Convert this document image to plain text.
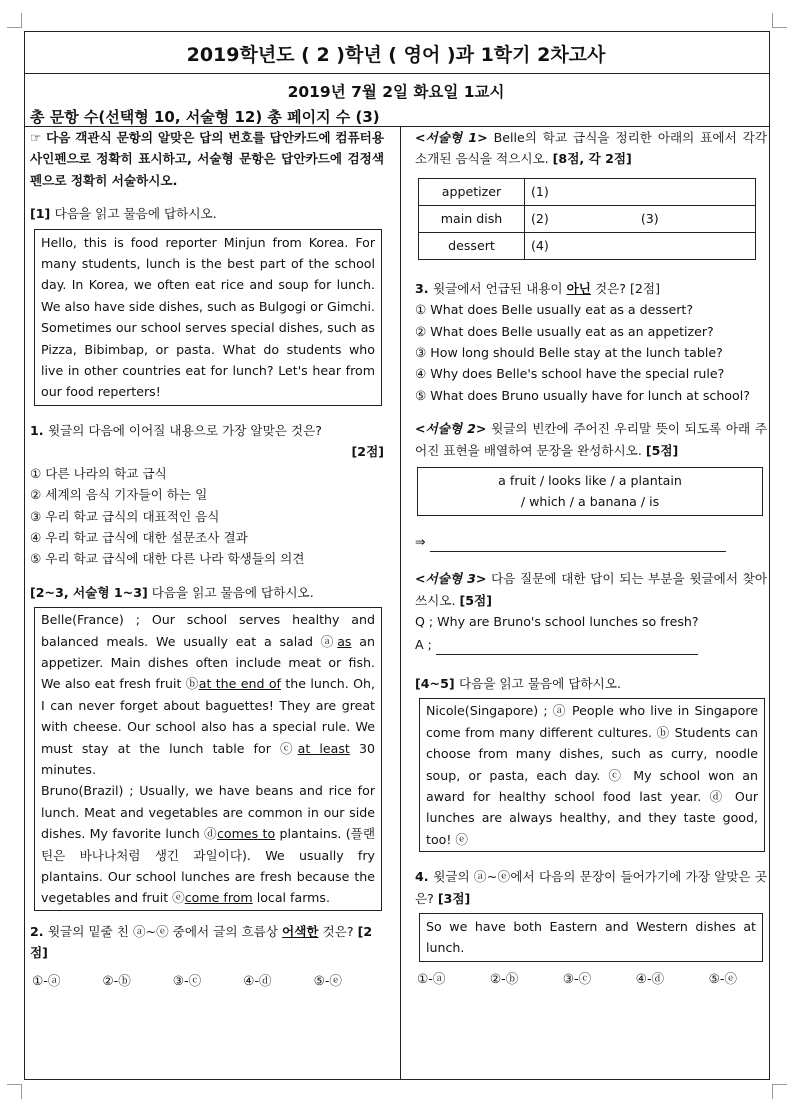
2019학년도 ( 2 )학년 ( 영어 )과 1학기 2차고사
2019년 7월 2일 화요일 1교시
총 문항 수(선택형 10, 서술형 12) 총 페이지 수 (3)
☞ 다음 객관식 문항의 알맞은 답의 번호를 답안카드에 컴퓨터용 사인펜으로 정확히 표시하고, 서술형 문항은 답안카드에 검정색 펜으로 정확히 서술하시오.
[1] 다음을 읽고 물음에 답하시오.
Hello, this is food reporter Minjun from Korea. For many students, lunch is the best part of the school day. In Korea, we often eat rice and soup for lunch. We also have side dishes, such as Bulgogi or Gimchi. Sometimes our school serves special dishes, such as Pizza, Bibimbap, or pasta. What do students who live in other countries eat for lunch? Let's hear from our food reperters!
1. 윗글의 다음에 이어질 내용으로 가장 알맞은 것은?
[2점]
① 다른 나라의 학교 급식
② 세계의 음식 기자들이 하는 일
③ 우리 학교 급식의 대표적인 음식
④ 우리 학교 급식에 대한 설문조사 결과
⑤ 우리 학교 급식에 대한 다른 나라 학생들의 의견
[2~3, 서술형 1~3] 다음을 읽고 물음에 답하시오.
Belle(France) ; Our school serves healthy and balanced meals. We usually eat a salad ⓐas an appetizer. Main dishes often include meat or fish. We also eat fresh fruit ⓑat the end of the lunch. Oh, I can never forget about baguettes! They are great with cheese. Our school also has a special rule. We must stay at the lunch table for ⓒat least 30 minutes.
Bruno(Brazil) ; Usually, we have beans and rice for lunch. Meat and vegetables are common in our side dishes. My favorite lunch ⓓcomes to plantains. (플랜틴은 바나나처럼 생긴 과일이다). We usually fry plantains. Our school lunches are fresh because the vegetables and fruit ⓔcome from local farms.
2. 윗글의 밑줄 친 ⓐ~ⓔ 중에서 글의 흐름상 어색한 것은? [2점]
①-ⓐ	②-ⓑ	③-ⓒ	④-ⓓ	⑤-ⓔ
<서술형 1> Belle의 학교 급식을 정리한 아래의 표에서 각각 소개된 음식을 적으시오. [8점, 각 2점]
appetizer	(1)
main dish	(2) (3)
dessert	(4)
3. 윗글에서 언급된 내용이 아닌 것은? [2점]
① What does Belle usually eat as a dessert?
② What does Belle usually eat as an appetizer?
③ How long should Belle stay at the lunch table?
④ Why does Belle's school have the special rule?
⑤ What does Bruno usually have for lunch at school?
<서술형 2> 윗글의 빈칸에 주어진 우리말 뜻이 되도록 아래 주어진 표현을 배열하여 문장을 완성하시오. [5점]
a fruit / looks like / a plantain
/ which / a banana / is
⇒
<서술형 3> 다음 질문에 대한 답이 되는 부분을 윗글에서 찾아 쓰시오. [5점]
Q ; Why are Bruno's school lunches so fresh?
A ;
[4~5] 다음을 읽고 물음에 답하시오.
Nicole(Singapore) ; ⓐ People who live in Singapore come from many different cultures. ⓑ Students can choose from many dishes, such as curry, noodle soup, or pasta, each day. ⓒ My school won an award for healthy school food last year. ⓓ Our lunches are always healthy, and they taste good, too! ⓔ
4. 윗글의 ⓐ~ⓔ에서 다음의 문장이 들어가기에 가장 알맞은 곳은? [3점]
So we have both Eastern and Western dishes at lunch.
①-ⓐ	②-ⓑ	③-ⓒ	④-ⓓ	⑤-ⓔ
